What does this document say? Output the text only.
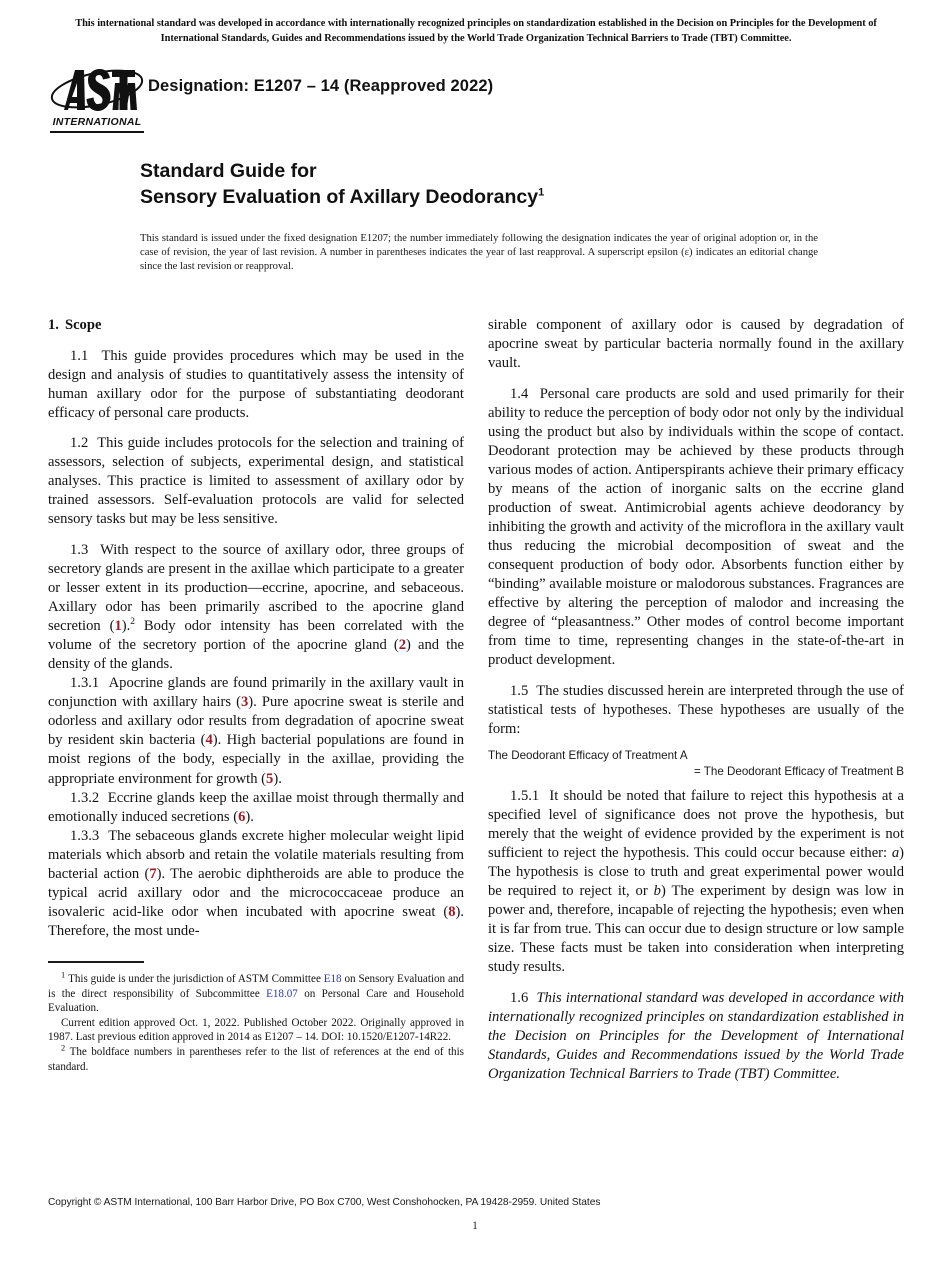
This international standard was developed in accordance with internationally recognized principles on standardization established in the Decision on Principles for the Development of International Standards, Guides and Recommendations issued by the World Trade Organization Technical Barriers to Trade (TBT) Committee.
INTERNATIONAL
Designation: E1207 – 14 (Reapproved 2022)
Standard Guide for
Sensory Evaluation of Axillary Deodorancy$^1$
This standard is issued under the fixed designation E1207; the number immediately following the designation indicates the year of original adoption or, in the case of revision, the year of last revision. A number in parentheses indicates the year of last reapproval. A superscript epsilon (ε) indicates an editorial change since the last revision or reapproval.
1. Scope

1.1 This guide provides procedures which may be used in the design and analysis of studies to quantitatively assess the intensity of human axillary odor for the purpose of substantiating deodorant efficacy of personal care products.

1.2 This guide includes protocols for the selection and training of assessors, selection of subjects, experimental design, and statistical analyses. This practice is limited to assessment of axillary odor by trained assessors. Self-evaluation protocols are valid for selected sensory tasks but may be less sensitive.

1.3 With respect to the source of axillary odor, three groups of secretory glands are present in the axillae which participate to a greater or lesser extent in its production—eccrine, apocrine, and sebaceous. Axillary odor has been primarily ascribed to the apocrine gland secretion (1).$^2$ Body odor intensity has been correlated with the volume of the secretory portion of the apocrine gland (2) and the density of the glands.

1.3.1 Apocrine glands are found primarily in the axillary vault in conjunction with axillary hairs (3). Pure apocrine sweat is sterile and odorless and axillary odor results from degradation of apocrine sweat by resident skin bacteria (4). High bacterial populations are found in moist regions of the body, especially in the axillae, providing the appropriate environment for growth (5).

1.3.2 Eccrine glands keep the axillae moist through thermally and emotionally induced secretions (6).

1.3.3 The sebaceous glands excrete higher molecular weight lipid materials which absorb and retain the volatile materials resulting from bacterial action (7). The aerobic diphtheroids are able to produce the typical acrid axillary odor and the micrococcaceae produce an isovaleric acid-like odor when incubated with apocrine sweat (8). Therefore, the most unde-

sirable component of axillary odor is caused by degradation of apocrine sweat by particular bacteria normally found in the axillary vault.

1.4 Personal care products are sold and used primarily for their ability to reduce the perception of body odor not only by the individual using the product but also by individuals within the scope of contact. Deodorant protection may be achieved by these products through various modes of action. Antiperspirants achieve their primary efficacy by means of the action of inorganic salts on the eccrine gland production of sweat. Antimicrobial agents achieve deodorancy by inhibiting the growth and activity of the microflora in the axillary vault thus reducing the microbial decomposition of sweat and the consequent production of body odor. Absorbents function either by “binding” available moisture or malodorous substances. Fragrances are effective by altering the perception of malodor and increasing the degree of “pleasantness.” Other modes of control become important from time to time, representing changes in the state-of-the-art in product development.

1.5 The studies discussed herein are interpreted through the use of statistical tests of hypotheses. These hypotheses are usually of the form:

The Deodorant Efficacy of Treatment A
= The Deodorant Efficacy of Treatment B

1.5.1 It should be noted that failure to reject this hypothesis at a specified level of significance does not prove the hypothesis, but merely that the weight of evidence provided by the experiment is not sufficient to reject the hypothesis. This could occur because either: a) The hypothesis is close to truth and great experimental power would be required to reject it, or b) The experiment by design was low in power and, therefore, incapable of rejecting the hypothesis; even when it is far from true. This can occur due to design structure or low sample size. These facts must be taken into consideration when interpreting study results.

1.6 This international standard was developed in accordance with internationally recognized principles on standardization established in the Decision on Principles for the Development of International Standards, Guides and Recommendations issued by the World Trade Organization Technical Barriers to Trade (TBT) Committee.

$^1$ This guide is under the jurisdiction of ASTM Committee E18 on Sensory Evaluation and is the direct responsibility of Subcommittee E18.07 on Personal Care and Household Evaluation.

Current edition approved Oct. 1, 2022. Published October 2022. Originally approved in 1987. Last previous edition approved in 2014 as E1207 – 14. DOI: 10.1520/E1207-14R22.

$^2$ The boldface numbers in parentheses refer to the list of references at the end of this standard.

Copyright © ASTM International, 100 Barr Harbor Drive, PO Box C700, West Conshohocken, PA 19428-2959. United States
1
